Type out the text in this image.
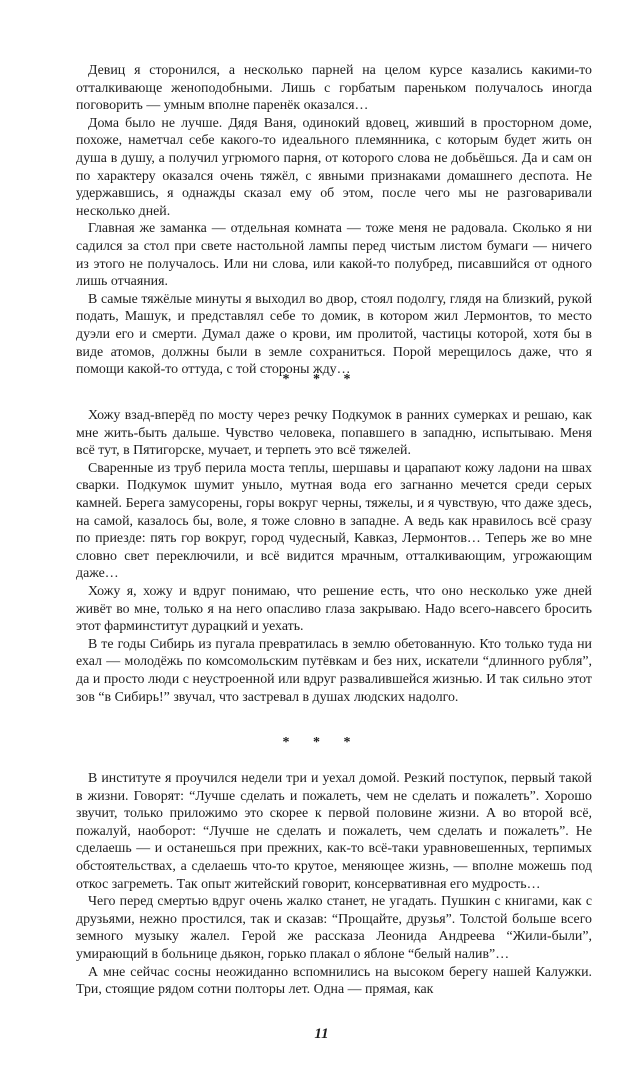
Девиц я сторонился, а несколько парней на целом курсе казались какими-то отталкивающе женоподобными. Лишь с горбатым пареньком получалось иногда поговорить — умным вполне паренёк оказался…

Дома было не лучше. Дядя Ваня, одинокий вдовец, живший в просторном доме, похоже, наметчал себе какого-то идеального племянника, с которым будет жить он душа в душу, а получил угрюмого парня, от которого слова не добьёшься. Да и сам он по характеру оказался очень тяжёл, с явными признаками домашнего деспота. Не удержавшись, я однажды сказал ему об этом, после чего мы не разговаривали несколько дней.

Главная же заманка — отдельная комната — тоже меня не радовала. Сколько я ни садился за стол при свете настольной лампы перед чистым листом бумаги — ничего из этого не получалось. Или ни слова, или какой-то полубред, писавшийся от одного лишь отчаяния.

В самые тяжёлые минуты я выходил во двор, стоял подолгу, глядя на близкий, рукой подать, Машук, и представлял себе то домик, в котором жил Лермонтов, то место дуэли его и смерти. Думал даже о крови, им пролитой, частицы которой, хотя бы в виде атомов, должны были в земле сохраниться. Порой мерещилось даже, что я помощи какой-то оттуда, с той стороны жду…

* * *

Хожу взад-вперёд по мосту через речку Подкумок в ранних сумерках и решаю, как мне жить-быть дальше. Чувство человека, попавшего в западню, испытываю. Меня всё тут, в Пятигорске, мучает, и терпеть это всё тяжелей.

Сваренные из труб перила моста теплы, шершавы и царапают кожу ладони на швах сварки. Подкумок шумит уныло, мутная вода его загнанно мечется среди серых камней. Берега замусорены, горы вокруг черны, тяжелы, и я чувствую, что даже здесь, на самой, казалось бы, воле, я тоже словно в западне. А ведь как нравилось всё сразу по приезде: пять гор вокруг, город чудесный, Кавказ, Лермонтов… Теперь же во мне словно свет переключили, и всё видится мрачным, отталкивающим, угрожающим даже…

Хожу я, хожу и вдруг понимаю, что решение есть, что оно несколько уже дней живёт во мне, только я на него опасливо глаза закрываю. Надо всего-навсего бросить этот фарминститут дурацкий и уехать.

В те годы Сибирь из пугала превратилась в землю обетованную. Кто только туда ни ехал — молодёжь по комсомольским путёвкам и без них, искатели “длинного рубля”, да и просто люди с неустроенной или вдруг развалившейся жизнью. И так сильно этот зов “в Сибирь!” звучал, что застревал в душах людских надолго.

* * *

В институте я проучился недели три и уехал домой. Резкий поступок, первый такой в жизни. Говорят: “Лучше сделать и пожалеть, чем не сделать и пожалеть”. Хорошо звучит, только приложимо это скорее к первой половине жизни. А во второй всё, пожалуй, наоборот: “Лучше не сделать и пожалеть, чем сделать и пожалеть”. Не сделаешь — и останешься при прежних, как-то всё-таки уравновешенных, терпимых обстоятельствах, а сделаешь что-то крутое, меняющее жизнь, — вполне можешь под откос загреметь. Так опыт житейский говорит, консервативная его мудрость…

Чего перед смертью вдруг очень жалко станет, не угадать. Пушкин с книгами, как с друзьями, нежно простился, так и сказав: “Прощайте, друзья”. Толстой больше всего земного музыку жалел. Герой же рассказа Леонида Андреева “Жили-были”, умирающий в больнице дьякон, горько плакал о яблоне “белый налив”…

А мне сейчас сосны неожиданно вспомнились на высоком берегу нашей Калужки. Три, стоящие рядом сотни полторы лет. Одна — прямая, как

11
